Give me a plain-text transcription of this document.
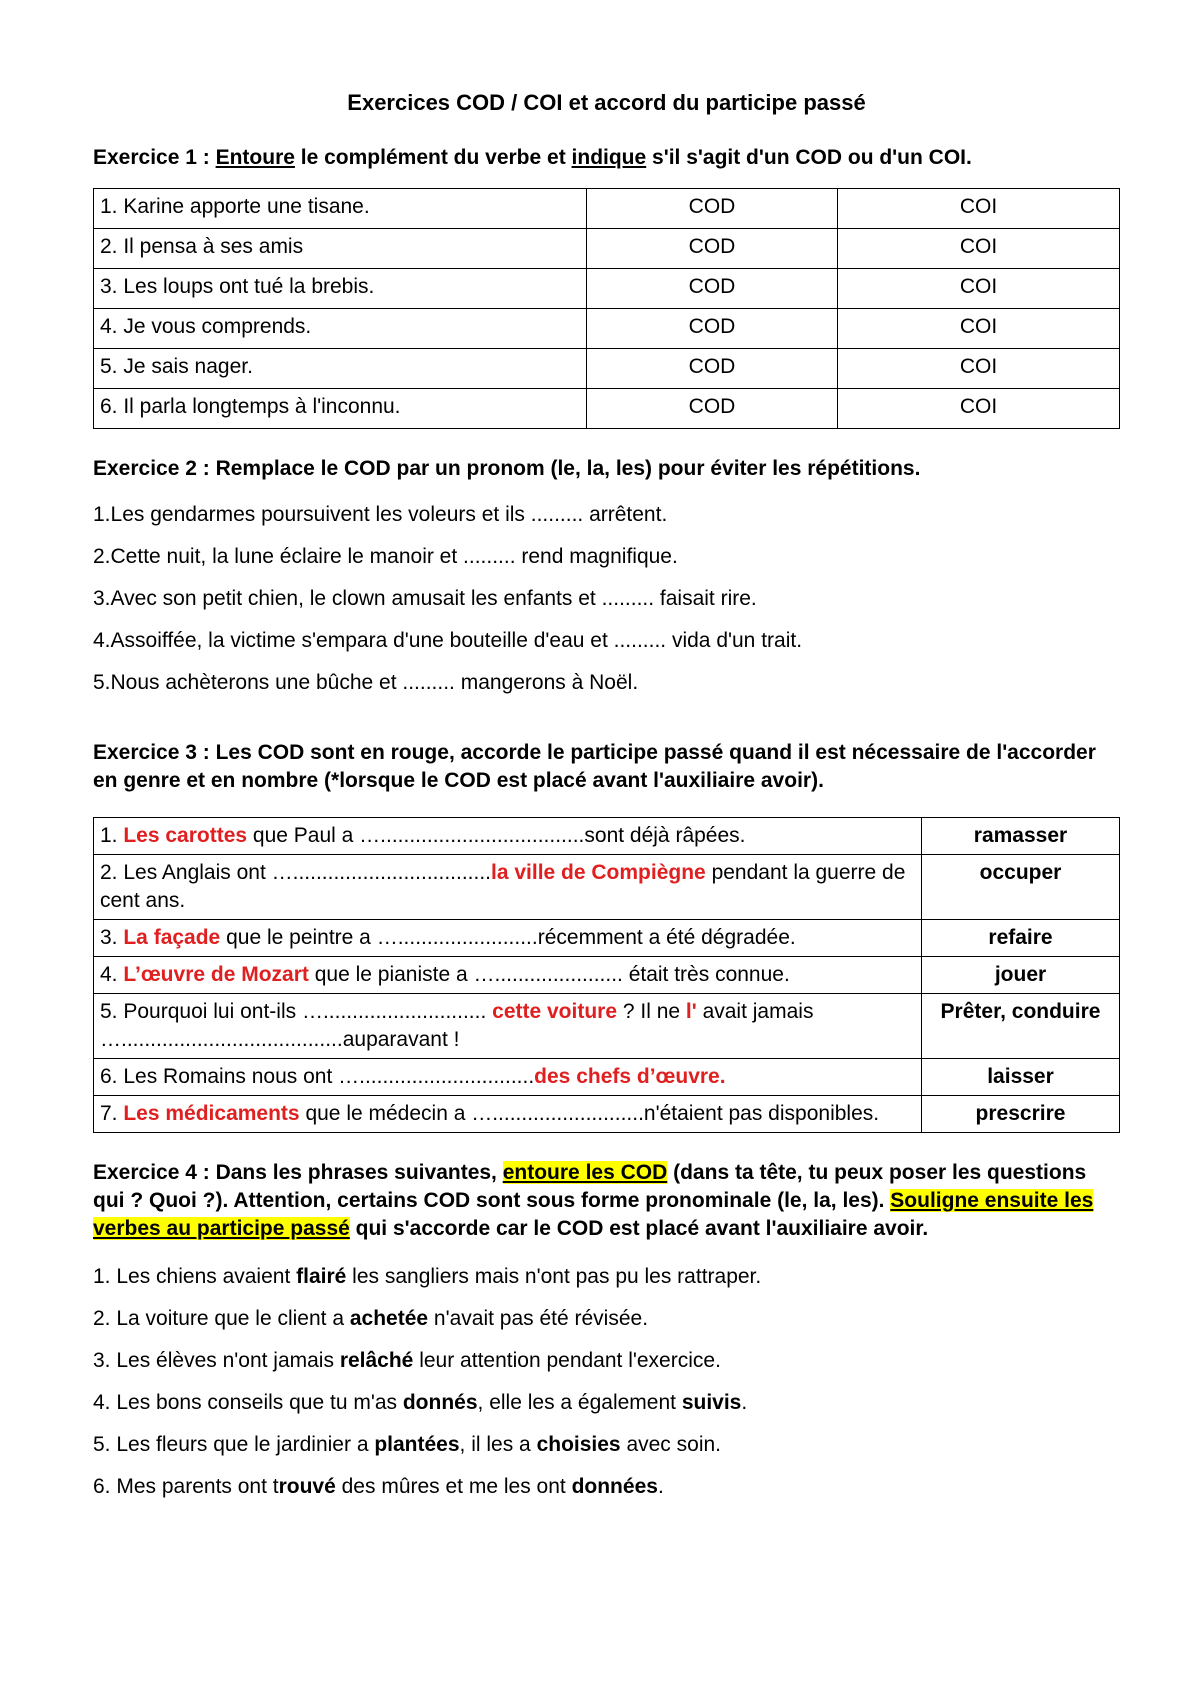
Exercices COD / COI et accord du participe passé

Exercice 1 : Entoure le complément du verbe et indique s'il s'agit d'un COD ou d'un COI.

1. Karine apporte une tisane.	COD	COI
2. Il pensa à ses amis	COD	COI
3. Les loups ont tué la brebis.	COD	COI
4. Je vous comprends.	COD	COI
5. Je sais nager.	COD	COI
6. Il parla longtemps à l'inconnu.	COD	COI

Exercice 2 : Remplace le COD par un pronom (le, la, les) pour éviter les répétitions.

1.Les gendarmes poursuivent les voleurs et ils ......... arrêtent.

2.Cette nuit, la lune éclaire le manoir et ......... rend magnifique.

3.Avec son petit chien, le clown amusait les enfants et ......... faisait rire.

4.Assoiffée, la victime s'empara d'une bouteille d'eau et ......... vida d'un trait.

5.Nous achèterons une bûche et ......... mangerons à Noël.

Exercice 3 : Les COD sont en rouge, accorde le participe passé quand il est nécessaire de l'accorder en genre et en nombre (*lorsque le COD est placé avant l'auxiliaire avoir).

1. Les carottes que Paul a …...................................sont déjà râpées.	ramasser
2. Les Anglais ont …..................................la ville de Compiègne pendant la guerre de cent ans.	occuper
3. La façade que le peintre a …........................récemment a été dégradée.	refaire
4. L’œuvre de Mozart que le pianiste a …...................... était très connue.	jouer
5. Pourquoi lui ont-ils …............................ cette voiture ? Il ne l' avait jamais …......................................auparavant !	Prêter, conduire
6. Les Romains nous ont …..............................des chefs d’œuvre.	laisser
7. Les médicaments que le médecin a …..........................n'étaient pas disponibles.	prescrire

Exercice 4 : Dans les phrases suivantes, entoure les COD (dans ta tête, tu peux poser les questions qui ? Quoi ?). Attention, certains COD sont sous forme pronominale (le, la, les). Souligne ensuite les verbes au participe passé qui s'accorde car le COD est placé avant l'auxiliaire avoir.

1. Les chiens avaient flairé les sangliers mais n'ont pas pu les rattraper.

2. La voiture que le client a achetée n'avait pas été révisée.

3. Les élèves n'ont jamais relâché leur attention pendant l'exercice.

4. Les bons conseils que tu m'as donnés, elle les a également suivis.

5. Les fleurs que le jardinier a plantées, il les a choisies avec soin.

6. Mes parents ont trouvé des mûres et me les ont données.
